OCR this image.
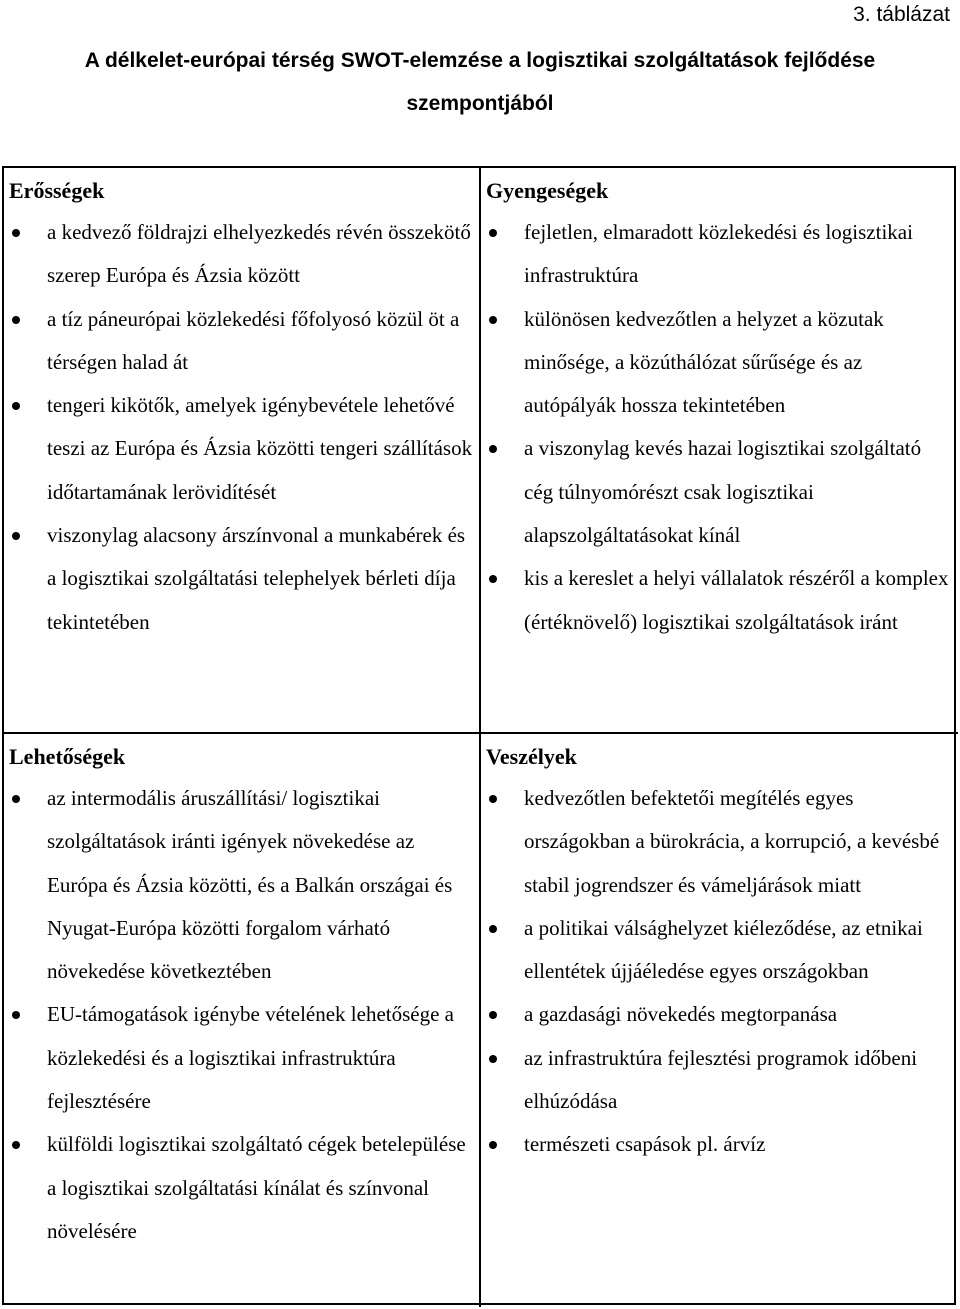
3. táblázat
A délkelet-európai térség SWOT-elemzése a logisztikai szolgáltatások fejlődése
szempontjából
Erősségek
a kedvező földrajzi elhelyezkedés révén összekötő szerep Európa és Ázsia között
a tíz páneurópai közlekedési főfolyosó közül öt a térségen halad át
tengeri kikötők, amelyek igénybevétele lehetővé teszi az Európa és Ázsia közötti tengeri szállítások időtartamának lerövidítését
viszonylag alacsony árszínvonal a munkabérek és a logisztikai szolgáltatási telephelyek bérleti díja tekintetében
Gyengeségek
fejletlen, elmaradott közlekedési és logisztikai infrastruktúra
különösen kedvezőtlen a helyzet a közutak minősége, a közúthálózat sűrűsége és az autópályák hossza tekintetében
a viszonylag kevés hazai logisztikai szolgáltató cég túlnyomórészt csak logisztikai alapszolgáltatásokat kínál
kis a kereslet a helyi vállalatok részéről a komplex (értéknövelő) logisztikai szolgáltatások iránt
Lehetőségek
az intermodális áruszállítási/ logisztikai szolgáltatások iránti igények növekedése az Európa és Ázsia közötti, és a Balkán országai és Nyugat-Európa közötti forgalom várható növekedése következtében
EU-támogatások igénybe vételének lehetősége a közlekedési és a logisztikai infrastruktúra fejlesztésére
külföldi logisztikai szolgáltató cégek betelepülése a logisztikai szolgáltatási kínálat és színvonal növelésére
Veszélyek
kedvezőtlen befektetői megítélés egyes országokban a bürokrácia, a korrupció, a kevésbé stabil jogrendszer és vámeljárások miatt
a politikai válsághelyzet kiéleződése, az etnikai ellentétek újjáéledése egyes országokban
a gazdasági növekedés megtorpanása
az infrastruktúra fejlesztési programok időbeni elhúzódása
természeti csapások pl. árvíz
